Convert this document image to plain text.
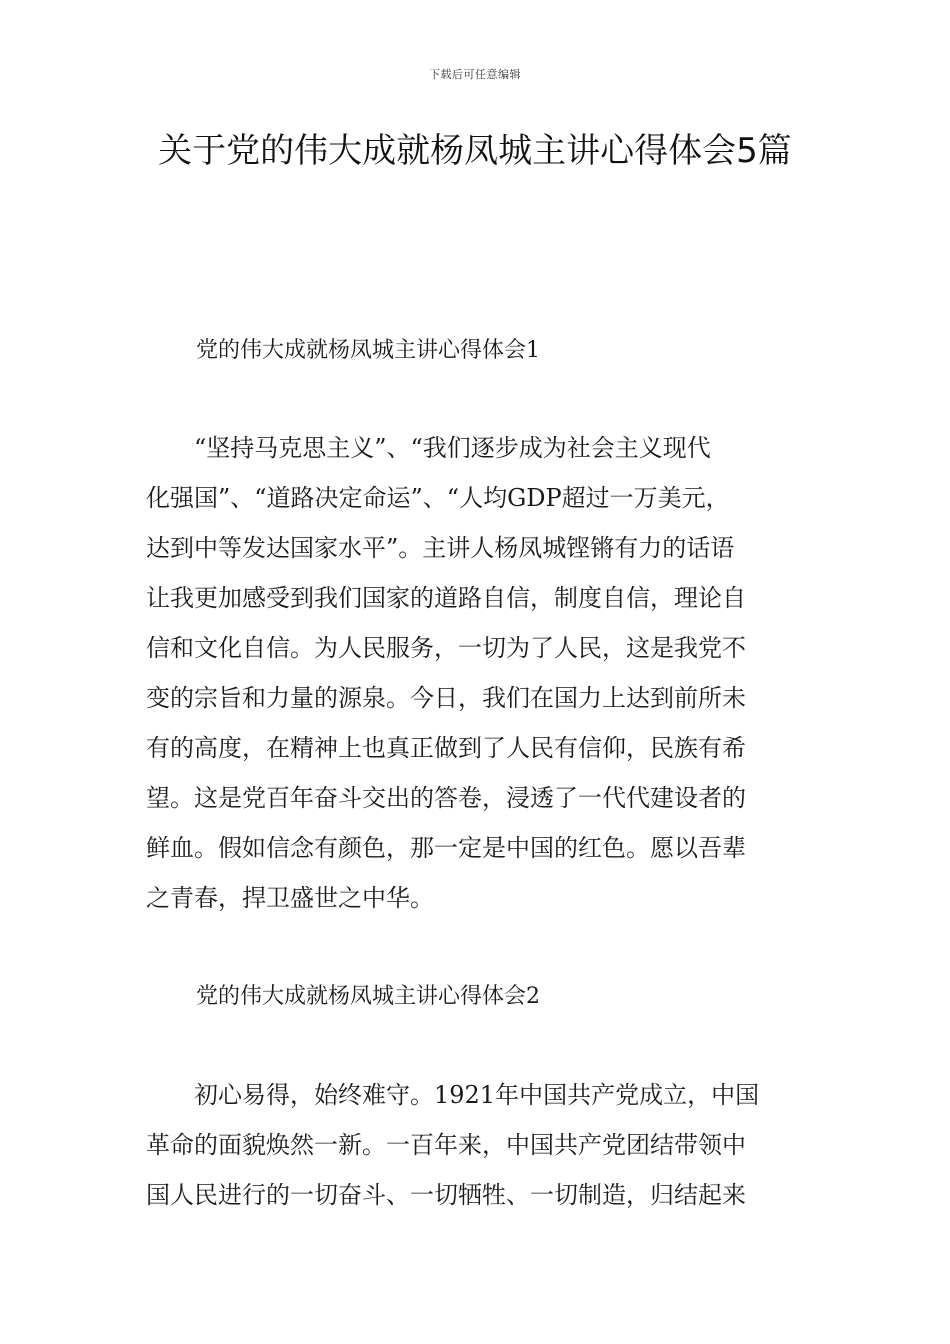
下载后可任意编辑
关于党的伟大成就杨凤城主讲心得体会5篇
党的伟大成就杨凤城主讲心得体会1
“坚持马克思主义”、“我们逐步成为社会主义现代
化强国”、“道路决定命运”、“人均GDP超过一万美元，
达到中等发达国家水平”。主讲人杨凤城铿锵有力的话语
让我更加感受到我们国家的道路自信，制度自信，理论自
信和文化自信。为人民服务，一切为了人民，这是我党不
变的宗旨和力量的源泉。今日，我们在国力上达到前所未
有的高度，在精神上也真正做到了人民有信仰，民族有希
望。这是党百年奋斗交出的答卷，浸透了一代代建设者的
鲜血。假如信念有颜色，那一定是中国的红色。愿以吾辈
之青春，捍卫盛世之中华。
党的伟大成就杨凤城主讲心得体会2
初心易得，始终难守。1921年中国共产党成立，中国
革命的面貌焕然一新。一百年来，中国共产党团结带领中
国人民进行的一切奋斗、一切牺牲、一切制造，归结起来
